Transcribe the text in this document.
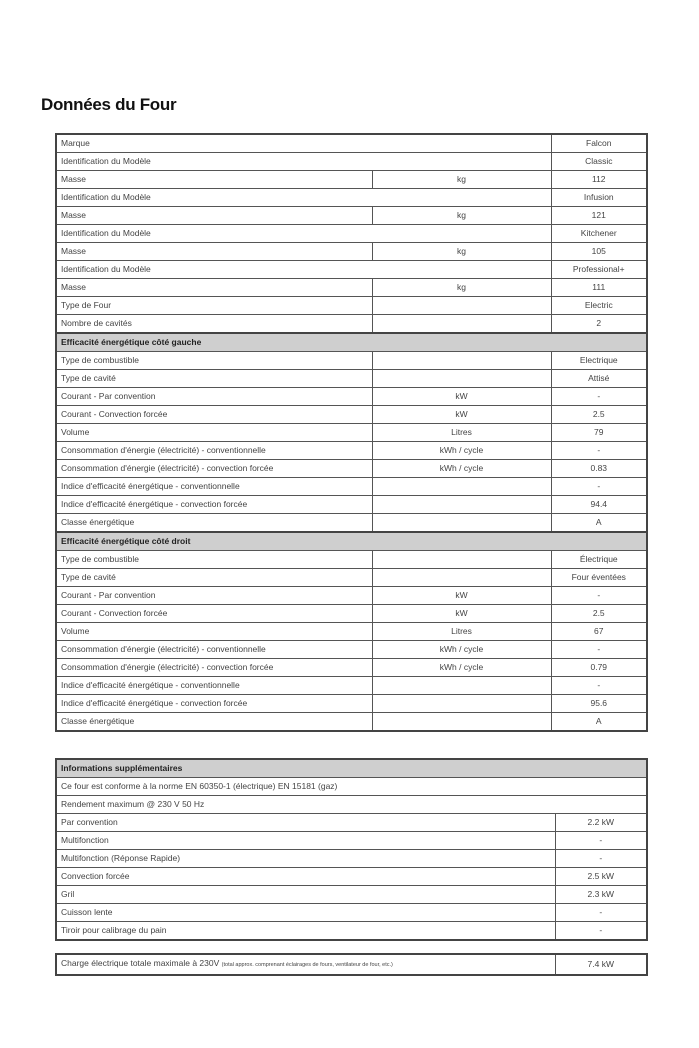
Données du Four
Marque		Falcon
Identification du Modèle		Classic
Masse	kg	112
Identification du Modèle		Infusion
Masse	kg	121
Identification du Modèle		Kitchener
Masse	kg	105
Identification du Modèle		Professional+
Masse	kg	111
Type de Four		Electric
Nombre de cavités		2
Efficacité énergétique côté gauche		
Type de combustible		Electrique
Type de cavité		Attisé
Courant - Par convention	kW	-
Courant - Convection forcée	kW	2.5
Volume	Litres	79
Consommation d'énergie (électricité) - conventionnelle	kWh / cycle	-
Consommation d'énergie (électricité) - convection forcée	kWh / cycle	0.83
Indice d'efficacité énergétique - conventionnelle		-
Indice d'efficacité énergétique - convection forcée		94.4
Classe énergétique		A
Efficacité énergétique côté droit		
Type de combustible		Électrique
Type de cavité		Four éventées
Courant - Par convention	kW	-
Courant - Convection forcée	kW	2.5
Volume	Litres	67
Consommation d'énergie (électricité) - conventionnelle	kWh / cycle	-
Consommation d'énergie (électricité) - convection forcée	kWh / cycle	0.79
Indice d'efficacité énergétique - conventionnelle		-
Indice d'efficacité énergétique - convection forcée		95.6
Classe énergétique		A
Informations supplémentaires	
Ce four est conforme à la norme EN 60350-1 (électrique) EN 15181 (gaz)	
Rendement maximum @ 230 V 50 Hz	
Par convention	2.2 kW
Multifonction	-
Multifonction (Réponse Rapide)	-
Convection forcée	2.5 kW
Gril	2.3 kW
Cuisson lente	-
Tiroir pour calibrage du pain	-
Charge électrique totale maximale à 230V (total approx. comprenant éclairages de fours, ventilateur de four, etc.)	7.4 kW
